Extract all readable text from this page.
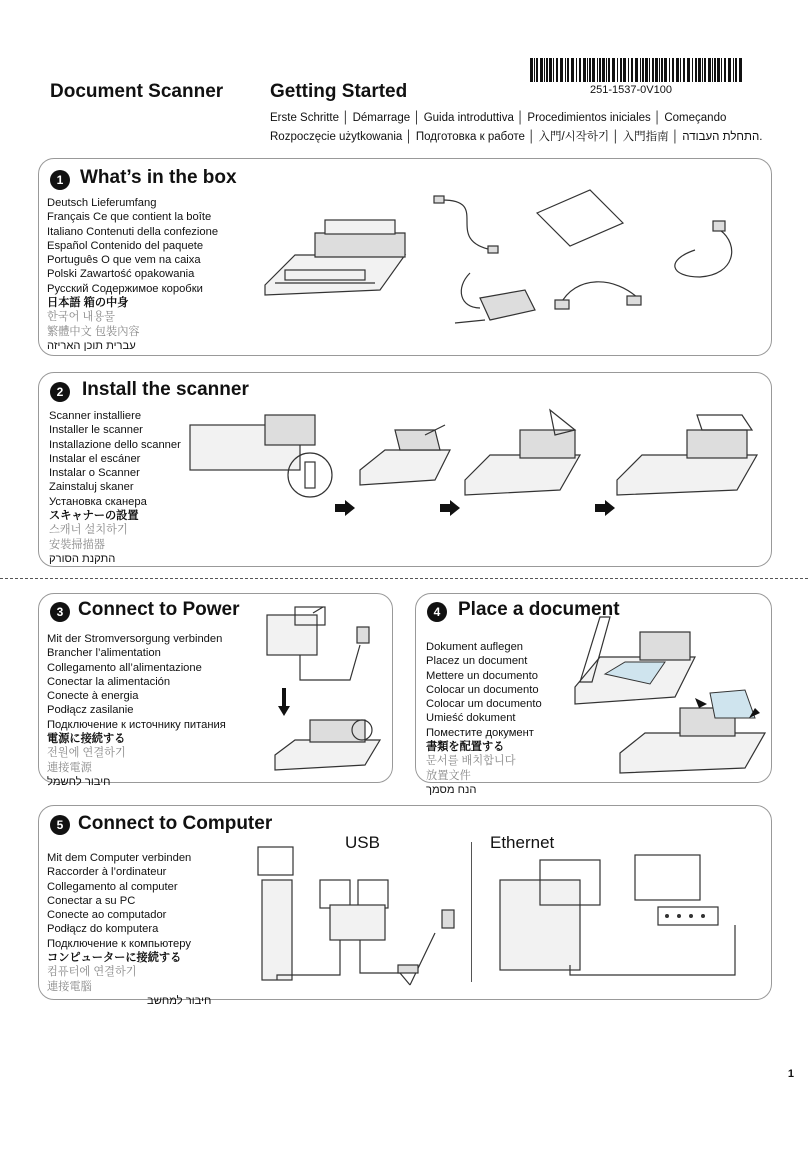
Document Scanner Getting Started	251-1537-0V100
Erste Schritte │ Démarrage │ Guida introduttiva │ Procedimientos iniciales │ Começando
Rozpoczęcie użytkowania │ Подготовка к работе │ 入門/시작하기 │ 入門指南 │ התחלת העבודה.
1 What’s in the box
Deutsch Lieferumfang
Français Ce que contient la boîte
Italiano Contenuti della confezione
Español Contenido del paquete
Português O que vem na caixa
Polski Zawartość opakowania
Русский Содержимое коробки
日本語 箱の中身
한국어 내용물
繁體中文 包裝內容
עברית תוכן האריזה
2 Install the scanner
Scanner installiere
Installer le scanner
Installazione dello scanner
Instalar el escáner
Instalar o Scanner
Zainstaluj skaner
Установка сканера
スキャナーの設置
스캐너 설치하기
安裝掃描器
התקנת הסורק
3 Connect to Power
Mit der Stromversorgung verbinden
Brancher l’alimentation
Collegamento all’alimentazione
Conectar la alimentación
Conecte à energia
Podłącz zasilanie
Подключение к источнику питания
電源に接続する
전원에 연결하기
連接電源
חיבור לחשמל
4 Place a document
Dokument auflegen
Placez un document
Mettere un documento
Colocar un documento
Colocar um documento
Umieść dokument
Поместите документ
書類を配置する
문서를 배치합니다
放置文件
הנח מסמך
5 Connect to Computer
Mit dem Computer verbinden
Raccorder à l’ordinateur
Collegamento al computer
Conectar a su PC
Conecte ao computador
Podłącz do komputera
Подключение к компьютеру
コンピューターに接続する
컴퓨터에 연결하기
連接電腦
חיבור למחשב
USB	Ethernet
1
